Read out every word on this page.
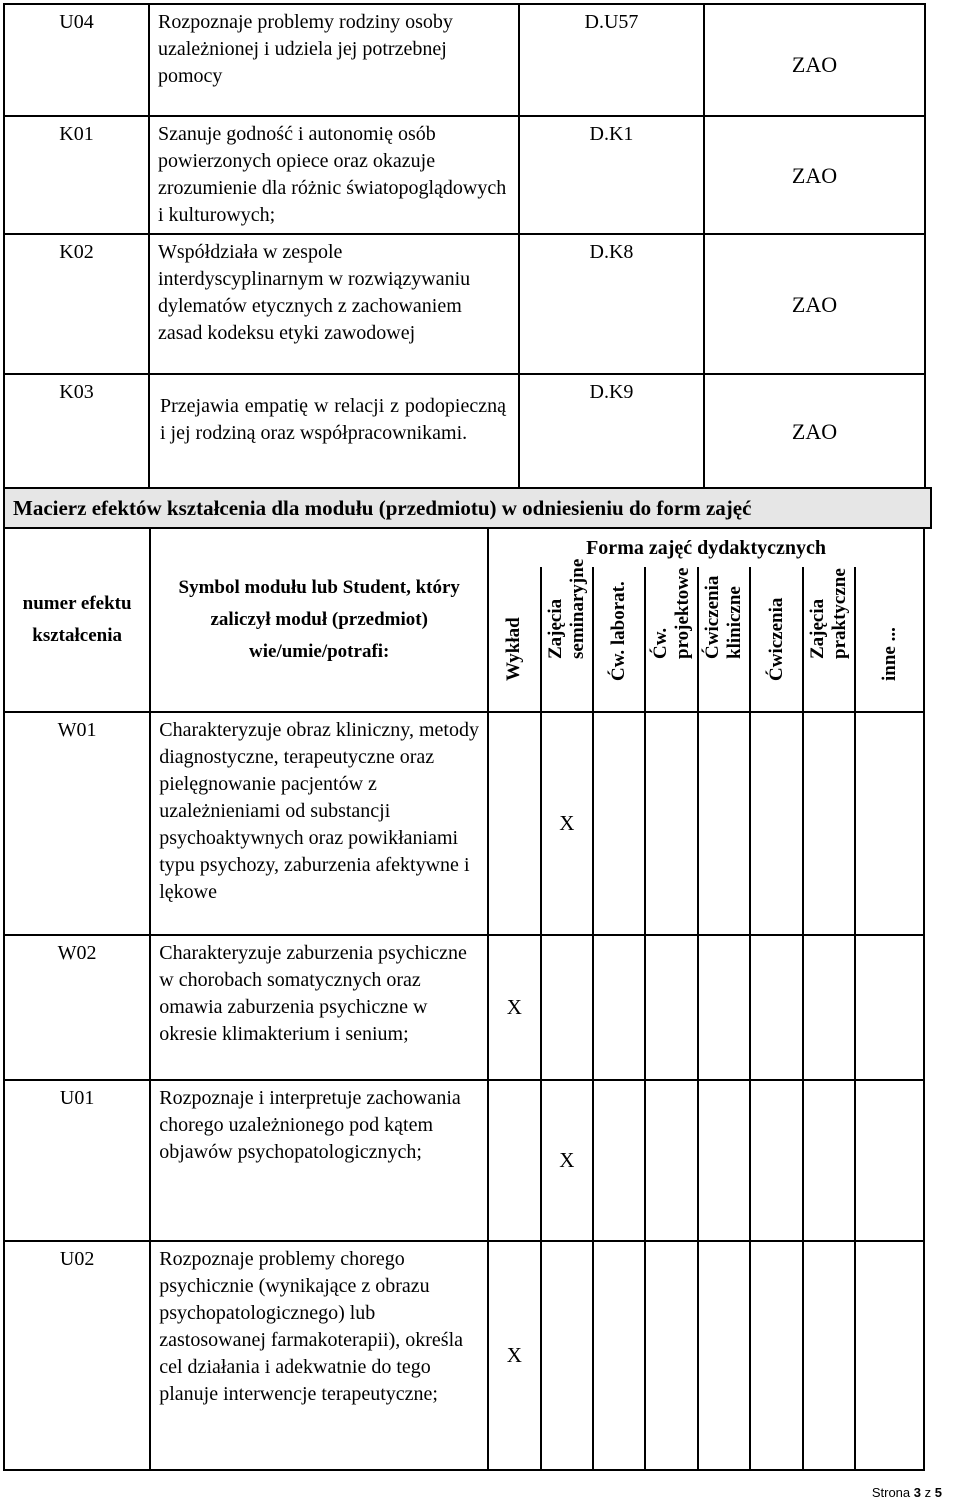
U04	Rozpoznaje problemy rodziny osoby uzależnionej i udziela jej potrzebnej pomocy	D.U57	ZAO
K01	Szanuje godność i autonomię osób powierzonych opiece oraz okazuje zrozumienie dla różnic światopoglądowych i kulturowych;	D.K1	ZAO
K02	Współdziała w zespole interdyscyplinarnym w rozwiązywaniu dylematów etycznych z zachowaniem zasad kodeksu etyki zawodowej	D.K8	ZAO
K03	Przejawia empatię w relacji z podopieczną i jej rodziną oraz współpracownikami.	D.K9	ZAO
Macierz efektów kształcenia dla modułu (przedmiotu) w odniesieniu do form zajęć
numer efektu kształcenia	Symbol modułu lub Student, który zaliczył moduł (przedmiot) wie/umie/potrafi:	Forma zajęć dydaktycznych							

		Wykład	Zajęcia seminaryjne	Ćw. laborat.	Ćw. projektowe	Ćwiczenia kliniczne	Ćwiczenia	Zajęcia praktyczne	inne ...

W01	Charakteryzuje obraz kliniczny, metody diagnostyczne, terapeutyczne oraz pielęgnowanie pacjentów z uzależnieniami od substancji psychoaktywnych oraz powikłaniami typu psychozy, zaburzenia afektywne i lękowe		X						
W02	Charakteryzuje zaburzenia psychiczne w chorobach somatycznych oraz omawia zaburzenia psychiczne w okresie klimakterium i senium;	X							
U01	Rozpoznaje i interpretuje zachowania chorego uzależnionego pod kątem objawów psychopatologicznych;		X						
U02	Rozpoznaje problemy chorego psychicznie (wynikające z obrazu psychopatologicznego) lub zastosowanej farmakoterapii), określa cel działania i adekwatnie do tego planuje interwencje terapeutyczne;	X							
Strona 3 z 5
